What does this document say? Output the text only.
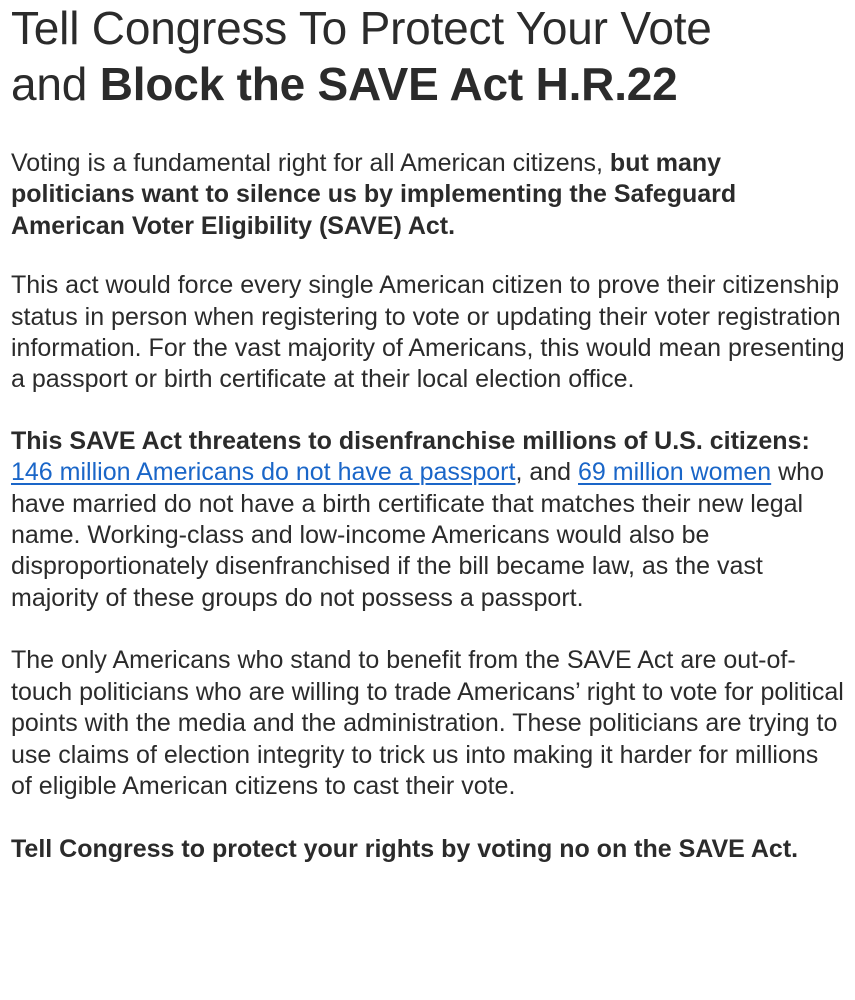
Tell Congress To Protect Your Vote
and Block the SAVE Act H.R.22

Voting is a fundamental right for all American citizens, but many politicians want to silence us by implementing the Safeguard American Voter Eligibility (SAVE) Act.

This act would force every single American citizen to prove their citizenship status in person when registering to vote or updating their voter registration information. For the vast majority of Americans, this would mean presenting a passport or birth certificate at their local election office.

This SAVE Act threatens to disenfranchise millions of U.S. citizens: 146 million Americans do not have a passport, and 69 million women who have married do not have a birth certificate that matches their new legal name. Working-class and low-income Americans would also be disproportionately disenfranchised if the bill became law, as the vast majority of these groups do not possess a passport.

The only Americans who stand to benefit from the SAVE Act are out-of-touch politicians who are willing to trade Americans’ right to vote for political points with the media and the administration. These politicians are trying to use claims of election integrity to trick us into making it harder for millions of eligible American citizens to cast their vote.

Tell Congress to protect your rights by voting no on the SAVE Act.
